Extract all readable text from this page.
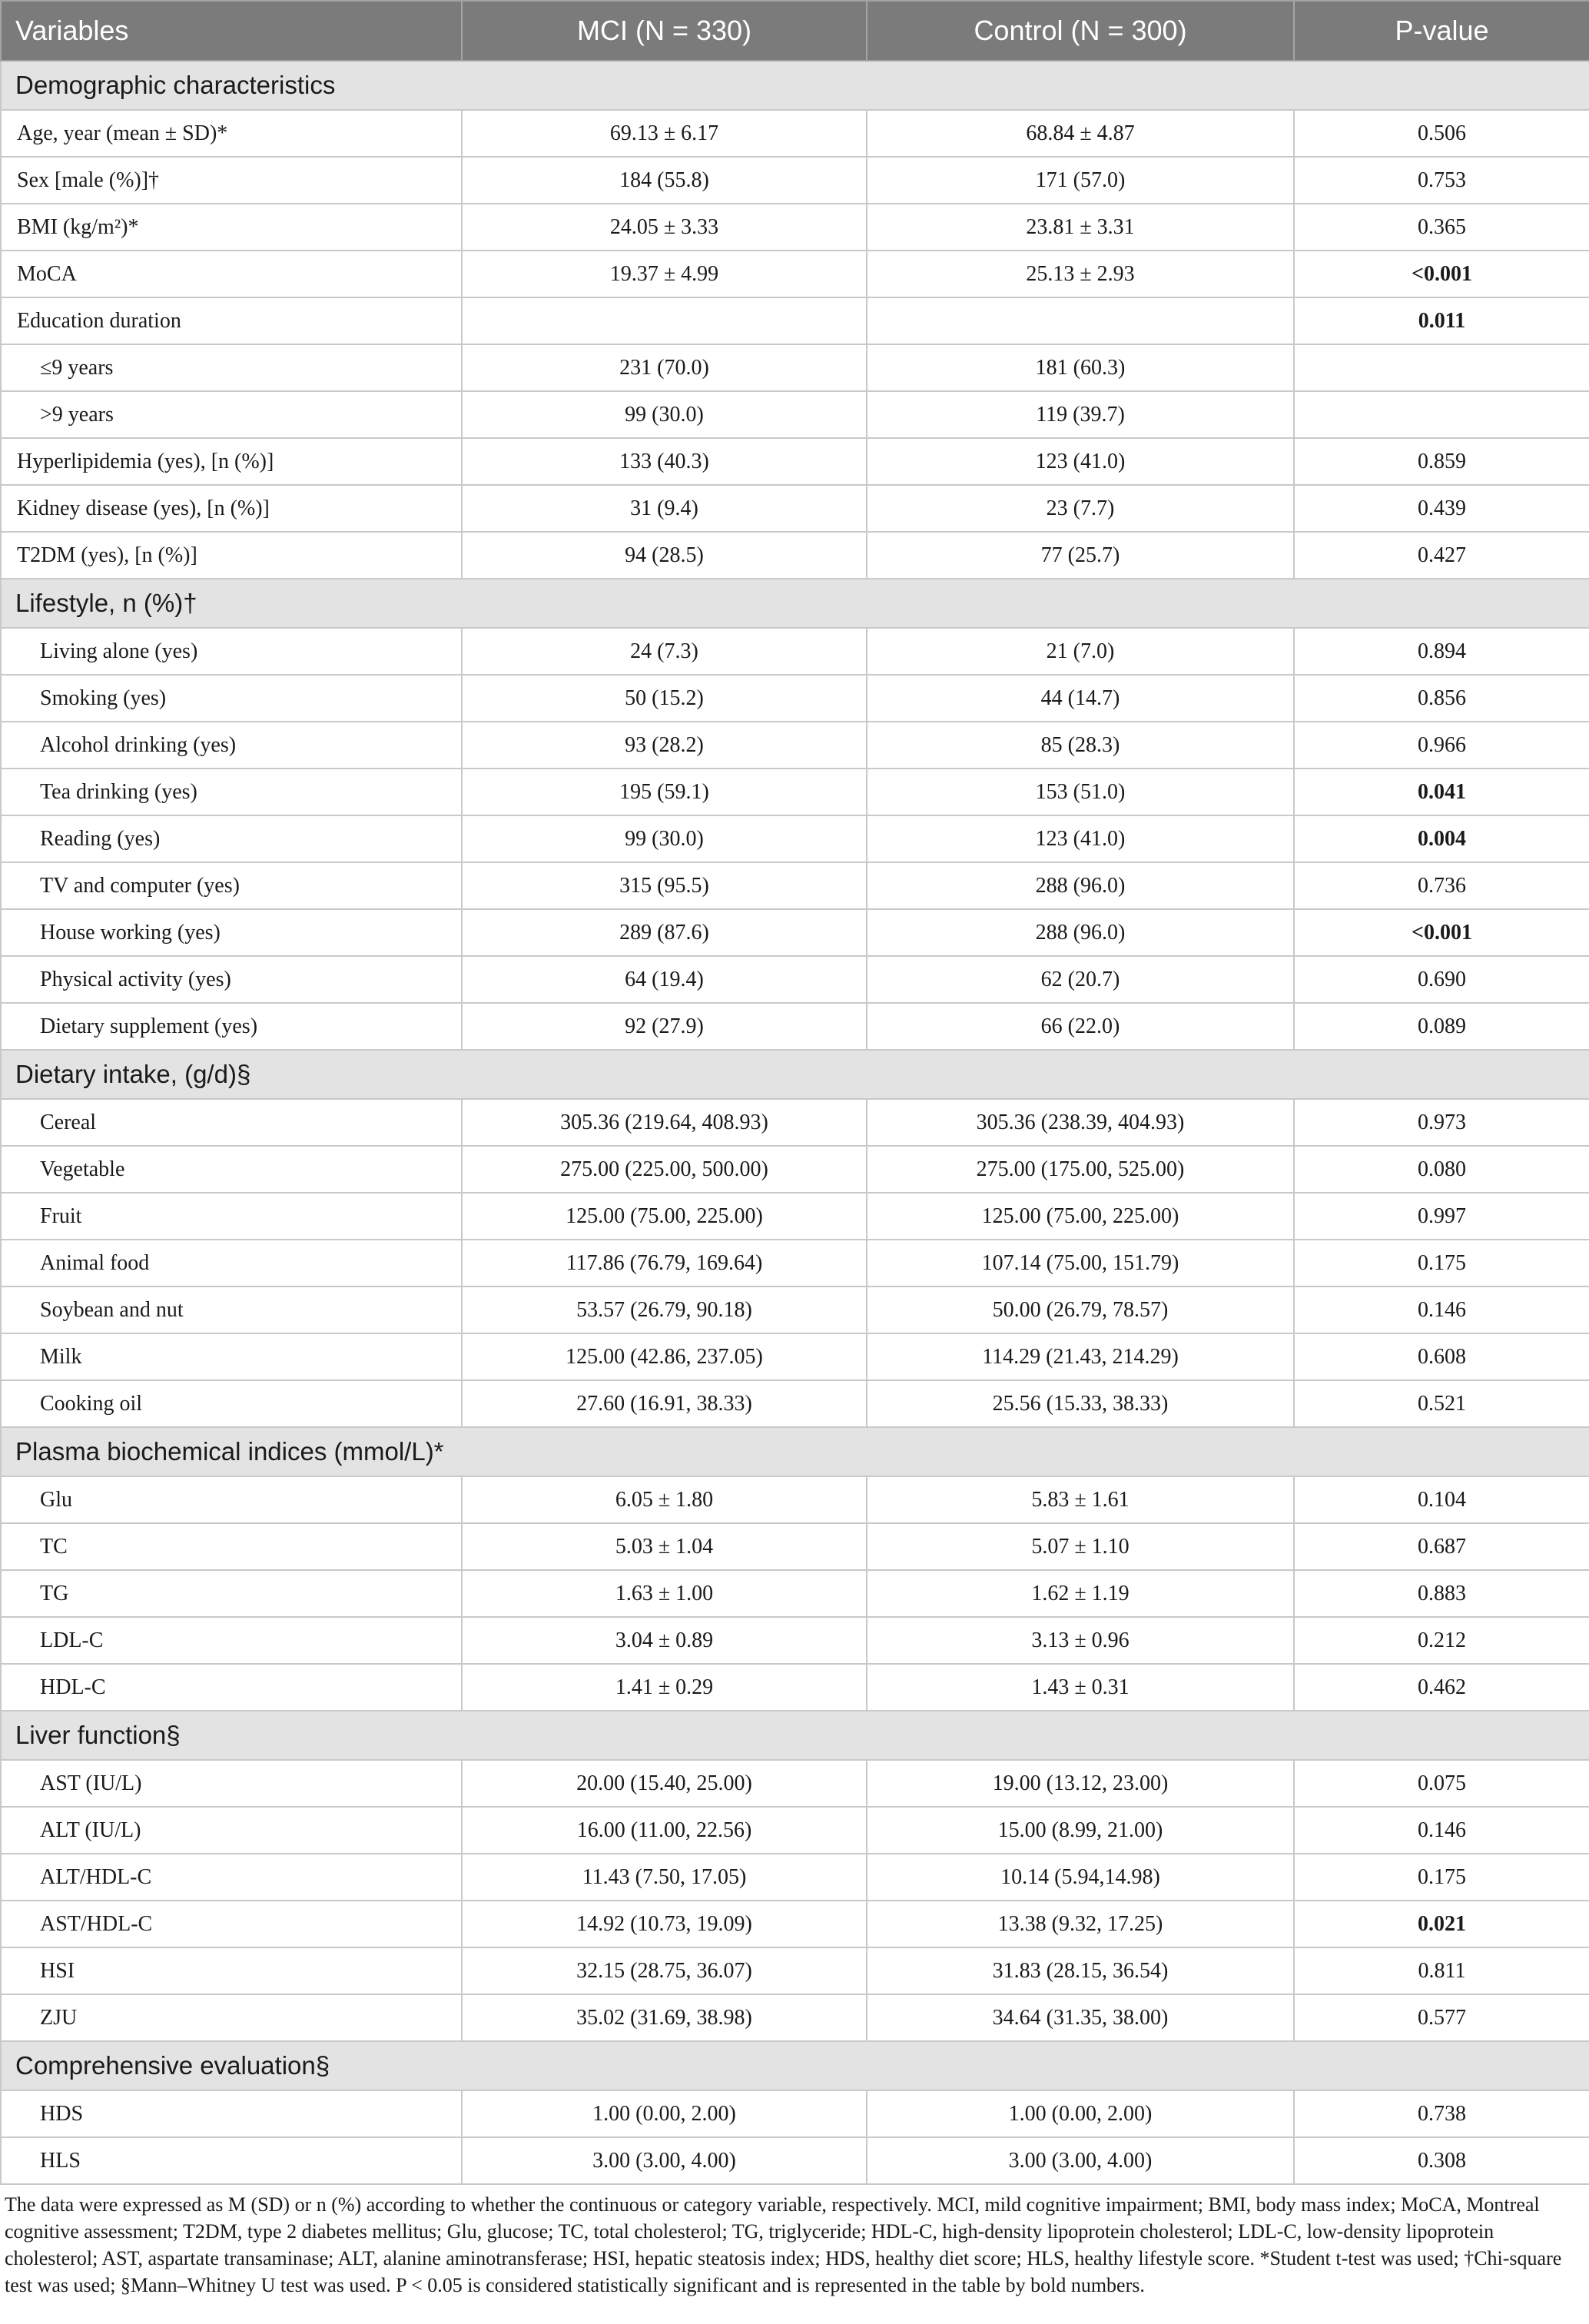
Variables	MCI (N = 330)	Control (N = 300)	P-value
Demographic characteristics			
Age, year (mean ± SD)*	69.13 ± 6.17	68.84 ± 4.87	0.506
Sex [male (%)]†	184 (55.8)	171 (57.0)	0.753
BMI (kg/m²)*	24.05 ± 3.33	23.81 ± 3.31	0.365
MoCA	19.37 ± 4.99	25.13 ± 2.93	<0.001
Education duration			0.011
≤9 years	231 (70.0)	181 (60.3)	
>9 years	99 (30.0)	119 (39.7)	
Hyperlipidemia (yes), [n (%)]	133 (40.3)	123 (41.0)	0.859
Kidney disease (yes), [n (%)]	31 (9.4)	23 (7.7)	0.439
T2DM (yes), [n (%)]	94 (28.5)	77 (25.7)	0.427
Lifestyle, n (%)†			
Living alone (yes)	24 (7.3)	21 (7.0)	0.894
Smoking (yes)	50 (15.2)	44 (14.7)	0.856
Alcohol drinking (yes)	93 (28.2)	85 (28.3)	0.966
Tea drinking (yes)	195 (59.1)	153 (51.0)	0.041
Reading (yes)	99 (30.0)	123 (41.0)	0.004
TV and computer (yes)	315 (95.5)	288 (96.0)	0.736
House working (yes)	289 (87.6)	288 (96.0)	<0.001
Physical activity (yes)	64 (19.4)	62 (20.7)	0.690
Dietary supplement (yes)	92 (27.9)	66 (22.0)	0.089
Dietary intake, (g/d)§			
Cereal	305.36 (219.64, 408.93)	305.36 (238.39, 404.93)	0.973
Vegetable	275.00 (225.00, 500.00)	275.00 (175.00, 525.00)	0.080
Fruit	125.00 (75.00, 225.00)	125.00 (75.00, 225.00)	0.997
Animal food	117.86 (76.79, 169.64)	107.14 (75.00, 151.79)	0.175
Soybean and nut	53.57 (26.79, 90.18)	50.00 (26.79, 78.57)	0.146
Milk	125.00 (42.86, 237.05)	114.29 (21.43, 214.29)	0.608
Cooking oil	27.60 (16.91, 38.33)	25.56 (15.33, 38.33)	0.521
Plasma biochemical indices (mmol/L)*			
Glu	6.05 ± 1.80	5.83 ± 1.61	0.104
TC	5.03 ± 1.04	5.07 ± 1.10	0.687
TG	1.63 ± 1.00	1.62 ± 1.19	0.883
LDL-C	3.04 ± 0.89	3.13 ± 0.96	0.212
HDL-C	1.41 ± 0.29	1.43 ± 0.31	0.462
Liver function§			
AST (IU/L)	20.00 (15.40, 25.00)	19.00 (13.12, 23.00)	0.075
ALT (IU/L)	16.00 (11.00, 22.56)	15.00 (8.99, 21.00)	0.146
ALT/HDL-C	11.43 (7.50, 17.05)	10.14 (5.94,14.98)	0.175
AST/HDL-C	14.92 (10.73, 19.09)	13.38 (9.32, 17.25)	0.021
HSI	32.15 (28.75, 36.07)	31.83 (28.15, 36.54)	0.811
ZJU	35.02 (31.69, 38.98)	34.64 (31.35, 38.00)	0.577
Comprehensive evaluation§			
HDS	1.00 (0.00, 2.00)	1.00 (0.00, 2.00)	0.738
HLS	3.00 (3.00, 4.00)	3.00 (3.00, 4.00)	0.308
The data were expressed as M (SD) or n (%) according to whether the continuous or category variable, respectively. MCI, mild cognitive impairment; BMI, body mass index; MoCA, Montreal cognitive assessment; T2DM, type 2 diabetes mellitus; Glu, glucose; TC, total cholesterol; TG, triglyceride; HDL-C, high-density lipoprotein cholesterol; LDL-C, low-density lipoprotein cholesterol; AST, aspartate transaminase; ALT, alanine aminotransferase; HSI, hepatic steatosis index; HDS, healthy diet score; HLS, healthy lifestyle score. *Student t-test was used; †Chi-square test was used; §Mann–Whitney U test was used. P < 0.05 is considered statistically significant and is represented in the table by bold numbers.
